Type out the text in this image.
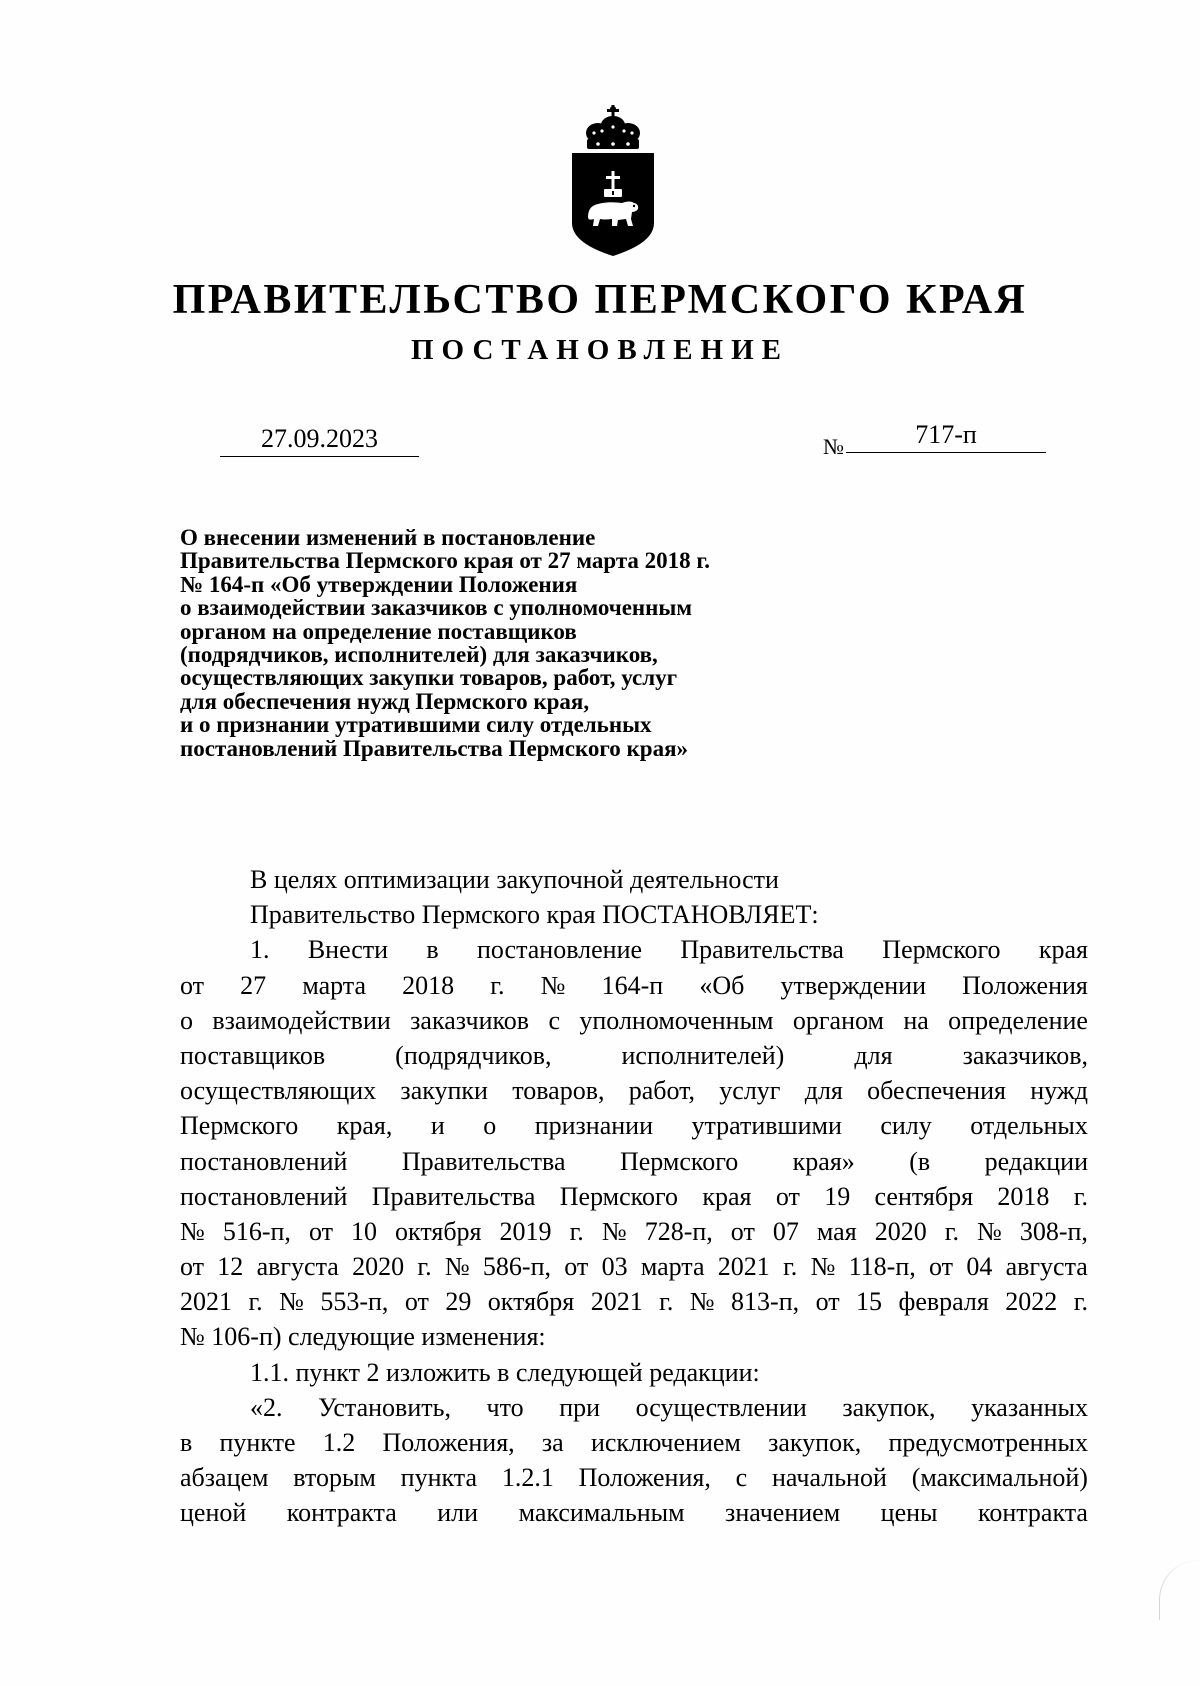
ПРАВИТЕЛЬСТВО ПЕРМСКОГО КРАЯ
ПОСТАНОВЛЕНИЕ
27.09.2023	№	717-п
О внесении изменений в постановление
Правительства Пермского края от 27 марта 2018 г.
№ 164-п «Об утверждении Положения
о взаимодействии заказчиков с уполномоченным
органом на определение поставщиков
(подрядчиков, исполнителей) для заказчиков,
осуществляющих закупки товаров, работ, услуг
для обеспечения нужд Пермского края,
и о признании утратившими силу отдельных
постановлений Правительства Пермского края»
В целях оптимизации закупочной деятельности
Правительство Пермского края ПОСТАНОВЛЯЕТ:
1. Внести в постановление Правительства Пермского края
от 27 марта 2018 г. № 164-п «Об утверждении Положения
о взаимодействии заказчиков с уполномоченным органом на определение
поставщиков	(подрядчиков,	исполнителей)	для	заказчиков,
осуществляющих закупки товаров, работ, услуг для обеспечения нужд
Пермского края, и о признании утратившими силу отдельных
постановлений Правительства Пермского края» (в редакции
постановлений Правительства Пермского края от 19 сентября 2018 г.
№ 516-п, от 10 октября 2019 г. № 728-п, от 07 мая 2020 г. № 308-п,
от 12 августа 2020 г. № 586-п, от 03 марта 2021 г. № 118-п, от 04 августа
2021 г. № 553-п, от 29 октября 2021 г. № 813-п, от 15 февраля 2022 г.
№ 106-п) следующие изменения:
1.1. пункт 2 изложить в следующей редакции:
«2. Установить, что при осуществлении закупок, указанных
в пункте 1.2 Положения, за исключением закупок, предусмотренных
абзацем вторым пункта 1.2.1 Положения, с начальной (максимальной)
ценой контракта или максимальным значением цены контракта
